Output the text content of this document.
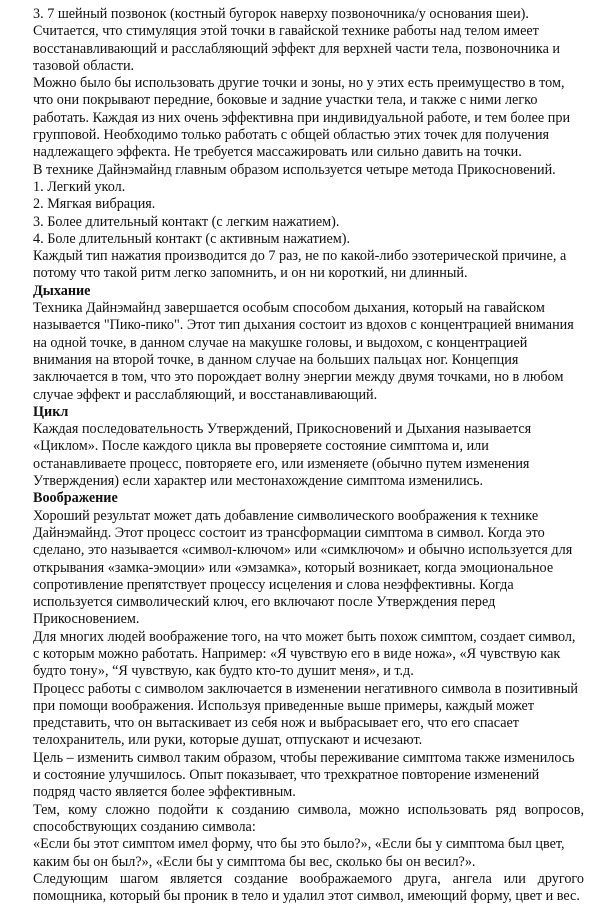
3. 7 шейный позвонок (костный бугорок наверху позвоночника/у основания шеи).

Считается, что стимуляция этой точки в гавайской технике работы над телом имеет восстанавливающий и расслабляющий эффект для верхней части тела, позвоночника и тазовой области.

Можно было бы использовать другие точки и зоны, но у этих есть преимущество в том, что они покрывают передние, боковые и задние участки тела, и также с ними легко работать. Каждая из них очень эффективна при индивидуальной работе, и тем более при групповой. Необходимо только работать с общей областью этих точек для получения надлежащего эффекта. Не требуется массажировать или сильно давить на точки.

В технике Дайнэмайнд главным образом используется четыре метода Прикосновений.

1. Легкий укол.

2. Мягкая вибрация.

3. Более длительный контакт (с легким нажатием).

4. Боле длительный контакт (с активным нажатием).

Каждый тип нажатия производится до 7 раз, не по какой-либо эзотерической причине, а потому что такой ритм легко запомнить, и он ни короткий, ни длинный.

Дыхание

Техника Дайнэмайнд завершается особым способом дыхания, который на гавайском называется "Пико-пико". Этот тип дыхания состоит из вдохов с концентрацией внимания на одной точке, в данном случае на макушке головы, и выдохом, с концентрацией внимания на второй точке, в данном случае на больших пальцах ног. Концепция заключается в том, что это порождает волну энергии между двумя точками, но в любом случае эффект и расслабляющий, и восстанавливающий.

Цикл

Каждая последовательность Утверждений, Прикосновений и Дыхания называется «Циклом». После каждого цикла вы проверяете состояние симптома и, или останавливаете процесс, повторяете его, или изменяете (обычно путем изменения Утверждения) если характер или местонахождение симптома изменились.

Воображение

Хороший результат может дать добавление символического воображения к технике Дайнэмайнд. Этот процесс состоит из трансформации симптома в символ. Когда это сделано, это называется «символ-ключом» или «симключом» и обычно используется для открывания «замка-эмоции» или «эмзамка», который возникает, когда эмоциональное сопротивление препятствует процессу исцеления и слова неэффективны. Когда используется символический ключ, его включают после Утверждения перед Прикосновением.

Для многих людей воображение того, на что может быть похож симптом, создает символ, с которым можно работать. Например: «Я чувствую его в виде ножа», «Я чувствую как будто тону», “Я чувствую, как будто кто-то душит меня», и т.д.

Процесс работы с символом заключается в изменении негативного символа в позитивный при помощи воображения. Используя приведенные выше примеры, каждый может представить, что он вытаскивает из себя нож и выбрасывает его, что его спасает телохранитель, или руки, которые душат, отпускают и исчезают.

Цель – изменить символ таким образом, чтобы переживание симптома также изменилось и состояние улучшилось. Опыт показывает, что трехкратное повторение изменений подряд часто является более эффективным.

Тем, кому сложно подойти к созданию символа, можно использовать ряд вопросов, способствующих созданию символа:

«Если бы этот симптом имел форму, что бы это было?», «Если бы у симптома был цвет, каким бы он был?», «Если бы у симптома бы вес, сколько бы он весил?».

Следующим шагом является создание воображаемого друга, ангела или другого помощника, который бы проник в тело и удалил этот символ, имеющий форму, цвет и вес.
